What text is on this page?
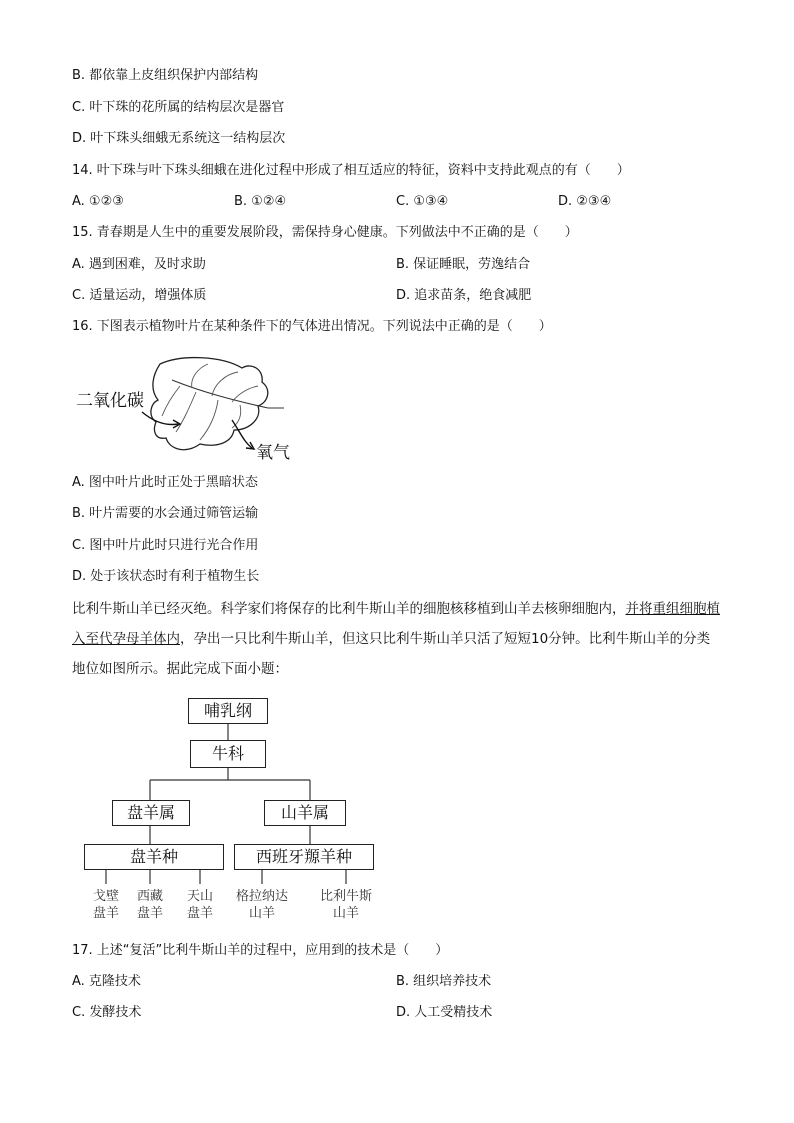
B. 都依靠上皮组织保护内部结构
C. 叶下珠的花所属的结构层次是器官
D. 叶下珠头细蛾无系统这一结构层次
14. 叶下珠与叶下珠头细蛾在进化过程中形成了相互适应的特征，资料中支持此观点的有（　　）
A. ①②③	B. ①②④	C. ①③④	D. ②③④
15. 青春期是人生中的重要发展阶段，需保持身心健康。下列做法中不正确的是（　　）
A. 遇到困难，及时求助	B. 保证睡眠，劳逸结合
C. 适量运动，增强体质	D. 追求苗条，绝食减肥
16. 下图表示植物叶片在某种条件下的气体进出情况。下列说法中正确的是（　　）
二氧化碳
氧气
A. 图中叶片此时正处于黑暗状态
B. 叶片需要的水会通过筛管运输
C. 图中叶片此时只进行光合作用
D. 处于该状态时有利于植物生长
比利牛斯山羊已经灭绝。科学家们将保存的比利牛斯山羊的细胞核移植到山羊去核卵细胞内，并将重组细胞植入至代孕母羊体内，孕出一只比利牛斯山羊，但这只比利牛斯山羊只活了短短10分钟。比利牛斯山羊的分类地位如图所示。据此完成下面小题：
哺乳纲
牛科
盘羊属	山羊属
盘羊种	西班牙羱羊种
戈壁
盘羊
西藏
盘羊
天山
盘羊
格拉纳达
山羊
比利牛斯
山羊
17. 上述“复活”比利牛斯山羊的过程中，应用到的技术是（　　）
A. 克隆技术	B. 组织培养技术
C. 发酵技术	D. 人工受精技术
